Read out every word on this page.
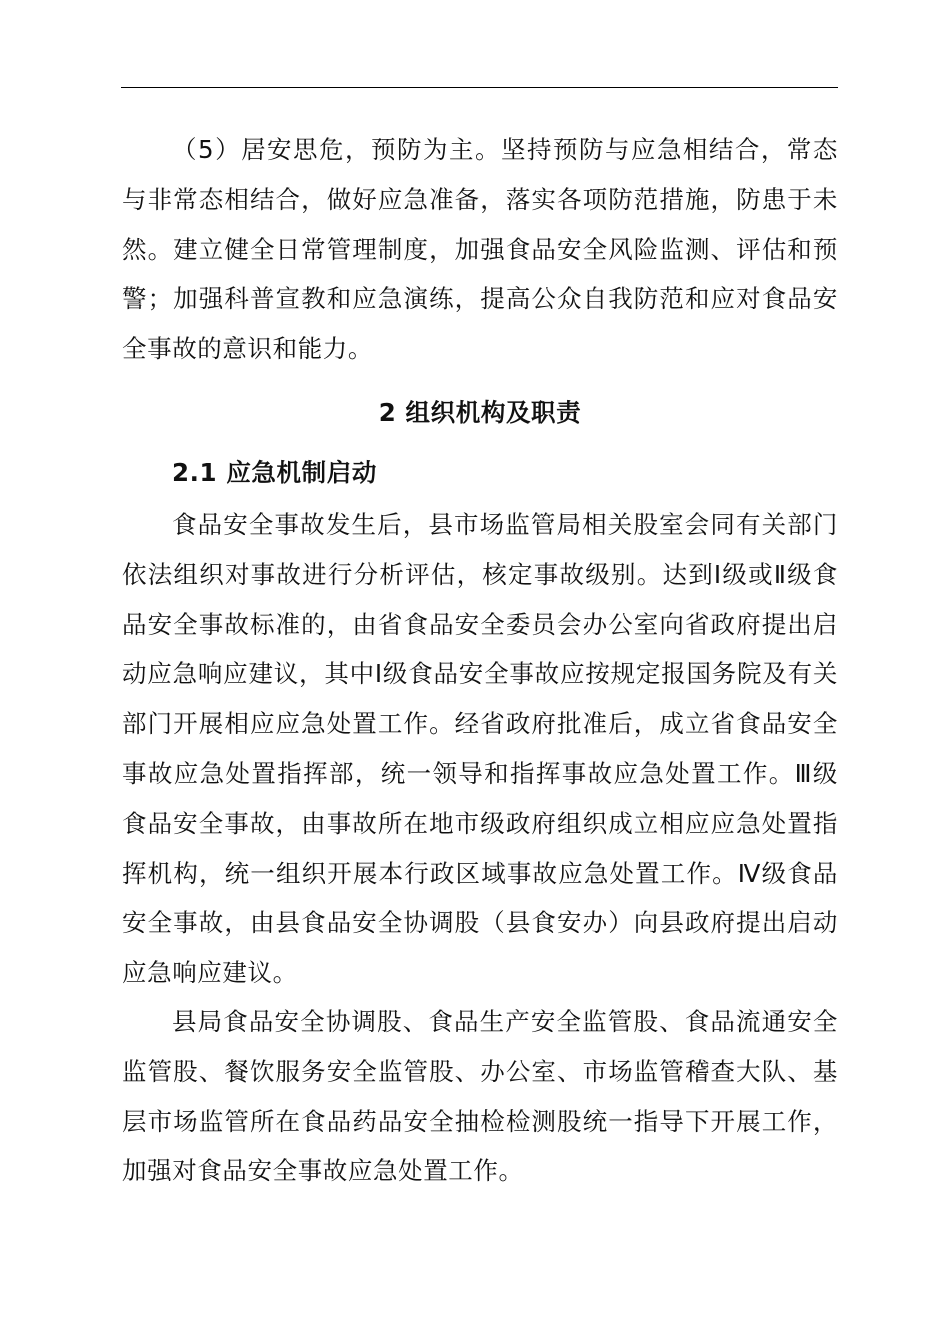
（5）居安思危，预防为主。坚持预防与应急相结合，常态与非常态相结合，做好应急准备，落实各项防范措施，防患于未然。建立健全日常管理制度，加强食品安全风险监测、评估和预警；加强科普宣教和应急演练，提高公众自我防范和应对食品安全事故的意识和能力。

2 组织机构及职责
2.1 应急机制启动

食品安全事故发生后，县市场监管局相关股室会同有关部门依法组织对事故进行分析评估，核定事故级别。达到Ⅰ级或Ⅱ级食品安全事故标准的，由省食品安全委员会办公室向省政府提出启动应急响应建议，其中Ⅰ级食品安全事故应按规定报国务院及有关部门开展相应应急处置工作。经省政府批准后，成立省食品安全事故应急处置指挥部，统一领导和指挥事故应急处置工作。Ⅲ级食品安全事故，由事故所在地市级政府组织成立相应应急处置指挥机构，统一组织开展本行政区域事故应急处置工作。Ⅳ级食品安全事故，由县食品安全协调股（县食安办）向县政府提出启动应急响应建议。

县局食品安全协调股、食品生产安全监管股、食品流通安全监管股、餐饮服务安全监管股、办公室、市场监管稽查大队、基层市场监管所在食品药品安全抽检检测股统一指导下开展工作，加强对食品安全事故应急处置工作。
